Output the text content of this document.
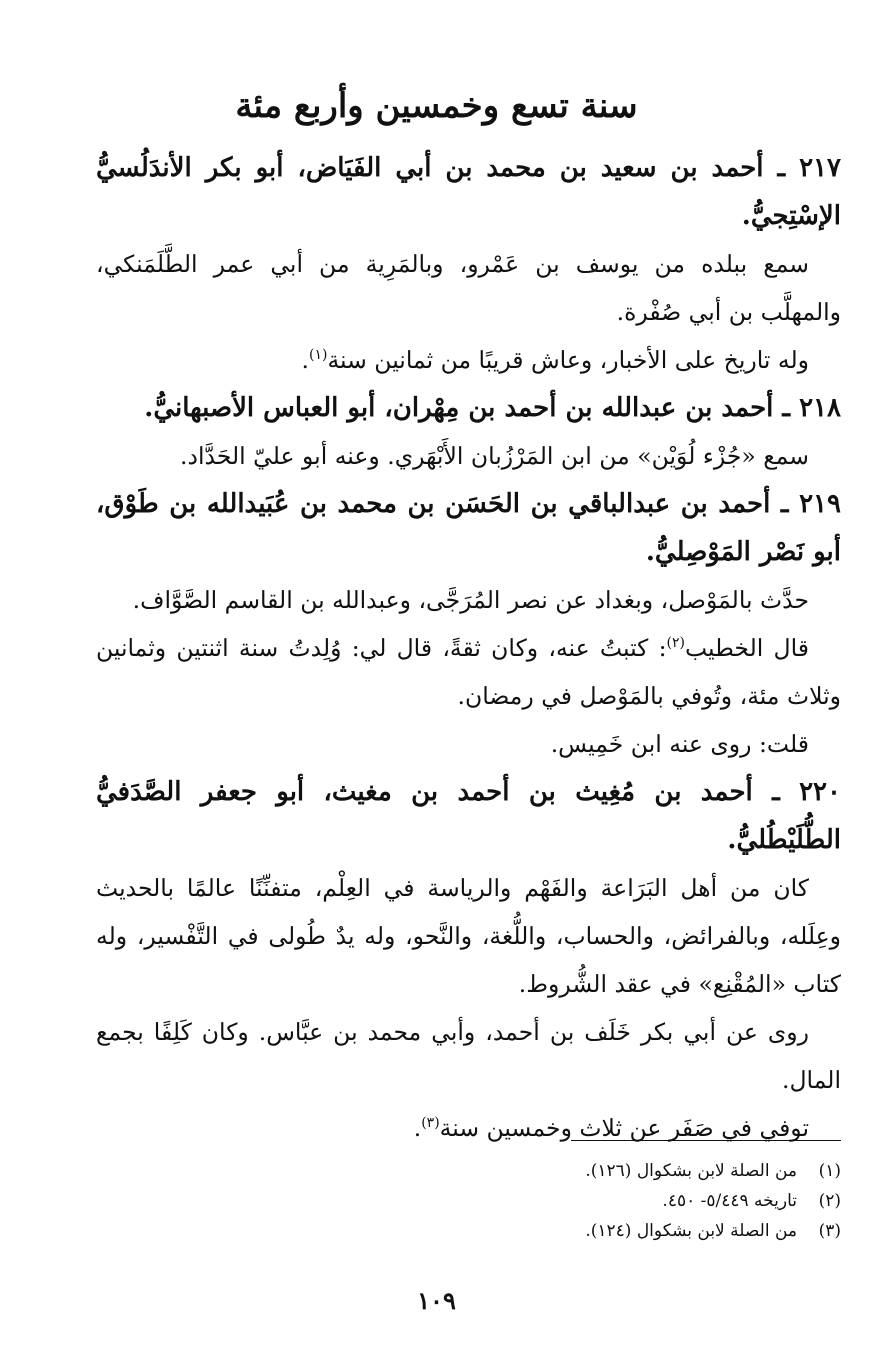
سنة تسع وخمسين وأربع مئة

٢١٧ ـ أحمد بن سعيد بن محمد بن أبي الفَيَاض، أبو بكر الأندَلُسيُّ الإسْتِجيُّ.

سمع ببلده من يوسف بن عَمْرو، وبالمَرِية من أبي عمر الطَّلَمَنكي، والمهلَّب بن أبي صُفْرة.

وله تاريخ على الأخبار، وعاش قريبًا من ثمانين سنة$^{(١)}$.

٢١٨ ـ أحمد بن عبدالله بن أحمد بن مِهْران، أبو العباس الأصبهانيُّ.

سمع «جُزْء لُوَيْن» من ابن المَرْزُبان الأَبْهَري. وعنه أبو عليّ الحَدَّاد.

٢١٩ ـ أحمد بن عبدالباقي بن الحَسَن بن محمد بن عُبَيدالله بن طَوْق، أبو نَصْر المَوْصِليُّ.

حدَّث بالمَوْصل، وبغداد عن نصر المُرَجَّى، وعبدالله بن القاسم الصَّوَّاف.

قال الخطيب$^{(٢)}$: كتبتُ عنه، وكان ثقةً، قال لي: وُلِدتُ سنة اثنتين وثمانين وثلاث مئة، وتُوفي بالمَوْصل في رمضان.

قلت: روى عنه ابن خَمِيس.

٢٢٠ ـ أحمد بن مُغِيث بن أحمد بن مغيث، أبو جعفر الصَّدَفيُّ الطُّلَيْطُليُّ.

كان من أهل البَرَاعة والفَهْم والرياسة في العِلْم، متفنِّنًا عالمًا بالحديث وعِلَله، وبالفرائض، والحساب، واللُّغة، والنَّحو، وله يدٌ طُولى في التَّفْسير، وله كتاب «المُقْنِع» في عقد الشُّروط.

روى عن أبي بكر خَلَف بن أحمد، وأبي محمد بن عبَّاس. وكان كَلِفًا بجمع المال.

توفي في صَفَر عن ثلاث وخمسين سنة$^{(٣)}$.

(١)من الصلة لابن بشكوال (١٢٦).

(٢)تاريخه ٥/٤٤٩- ٤٥٠.

(٣)من الصلة لابن بشكوال (١٢٤).

١٠٩
